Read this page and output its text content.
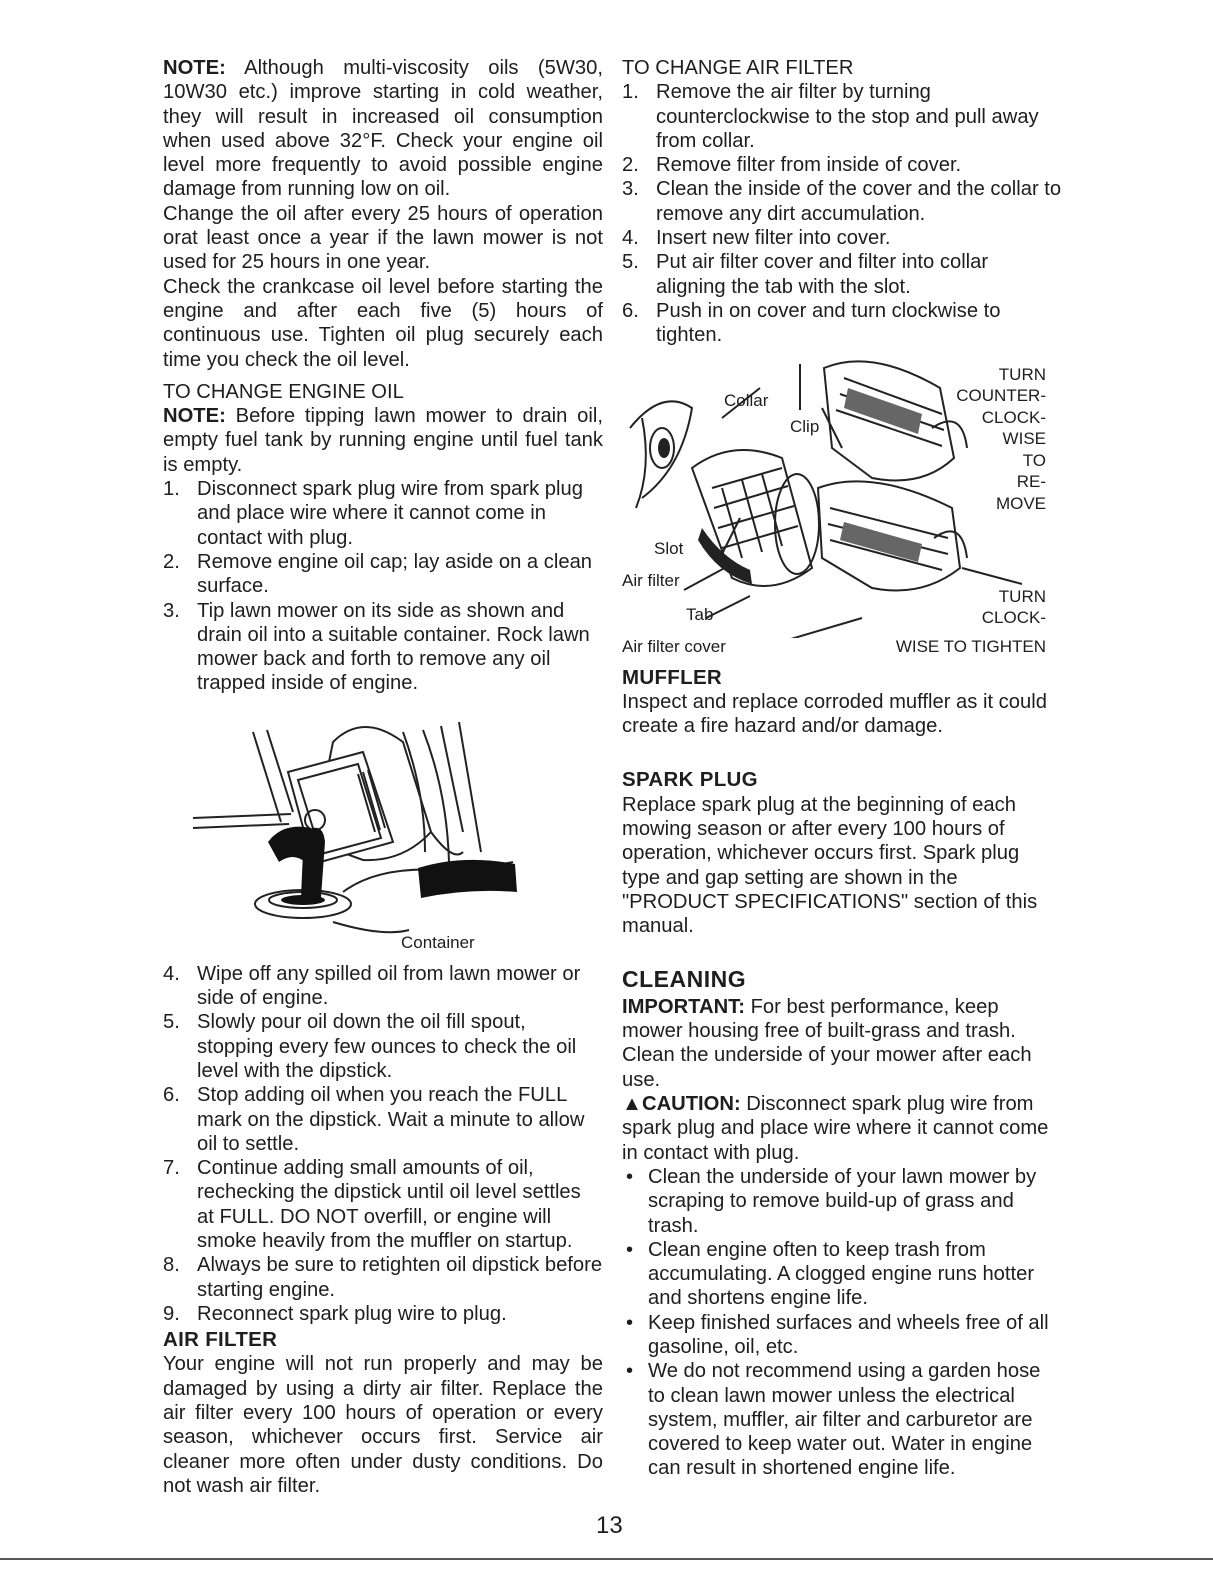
NOTE: Although multi-viscosity oils (5W30, 10W30 etc.) improve starting in cold weather, they will result in increased oil consumption when used above 32°F. Check your engine oil level more frequently to avoid possible engine damage from running low on oil.

Change the oil after every 25 hours of operation orat least once a year if the lawn mower is not used for 25 hours in one year.

Check the crankcase oil level before starting the engine and after each five (5) hours of continuous use. Tighten oil plug securely each time you check the oil level.

TO CHANGE ENGINE OIL

NOTE: Before tipping lawn mower to drain oil, empty fuel tank by running engine until fuel tank is empty.

1. Disconnect spark plug wire from spark plug and place wire where it cannot come in contact with plug.
2. Remove engine oil cap; lay aside on a clean surface.
3. Tip lawn mower on its side as shown and drain oil into a suitable container. Rock lawn mower back and forth to remove any oil trapped inside of engine.
Container
4. Wipe off any spilled oil from lawn mower or side of engine.
5. Slowly pour oil down the oil fill spout, stopping every few ounces to check the oil level with the dipstick.
6. Stop adding oil when you reach the FULL mark on the dipstick. Wait a minute to allow oil to settle.
7. Continue adding small amounts of oil, rechecking the dipstick until oil level settles at FULL. DO NOT overfill, or engine will smoke heavily from the muffler on startup.
8. Always be sure to retighten oil dipstick before starting engine.
9. Reconnect spark plug wire to plug.
AIR FILTER

Your engine will not run properly and may be damaged by using a dirty air filter. Replace the air filter every 100 hours of operation or every season, whichever occurs first. Service air cleaner more often under dusty conditions. Do not wash air filter.

TO CHANGE AIR FILTER

1. Remove the air filter by turning counterclockwise to the stop and pull away from collar.
2. Remove filter from inside of cover.
3. Clean the inside of the cover and the collar to remove any dirt accumulation.
4. Insert new filter into cover.
5. Put air filter cover and filter into collar aligning the tab with the slot.
6. Push in on cover and turn clockwise to tighten.
Collar
Clip
Slot
Air filter
Tab
TURN
COUNTER-
CLOCK-
WISE
TO
RE-
MOVE
TURN
CLOCK-
Air filter cover	WISE TO TIGHTEN
MUFFLER

Inspect and replace corroded muffler as it could create a fire hazard and/or damage.

SPARK PLUG

Replace spark plug at the beginning of each mowing season or after every 100 hours of operation, whichever occurs first. Spark plug type and gap setting are shown in the "PRODUCT SPECIFICATIONS" section of this manual.

CLEANING

IMPORTANT: For best performance, keep mower housing free of built-grass and trash. Clean the underside of your mower after each use.

▲CAUTION: Disconnect spark plug wire from spark plug and place wire where it cannot come in contact with plug.

• Clean the underside of your lawn mower by scraping to remove build-up of grass and trash.
• Clean engine often to keep trash from accumulating. A clogged engine runs hotter and shortens engine life.
• Keep finished surfaces and wheels free of all gasoline, oil, etc.
• We do not recommend using a garden hose to clean lawn mower unless the electrical system, muffler, air filter and carburetor are covered to keep water out. Water in engine can result in shortened engine life.
13
